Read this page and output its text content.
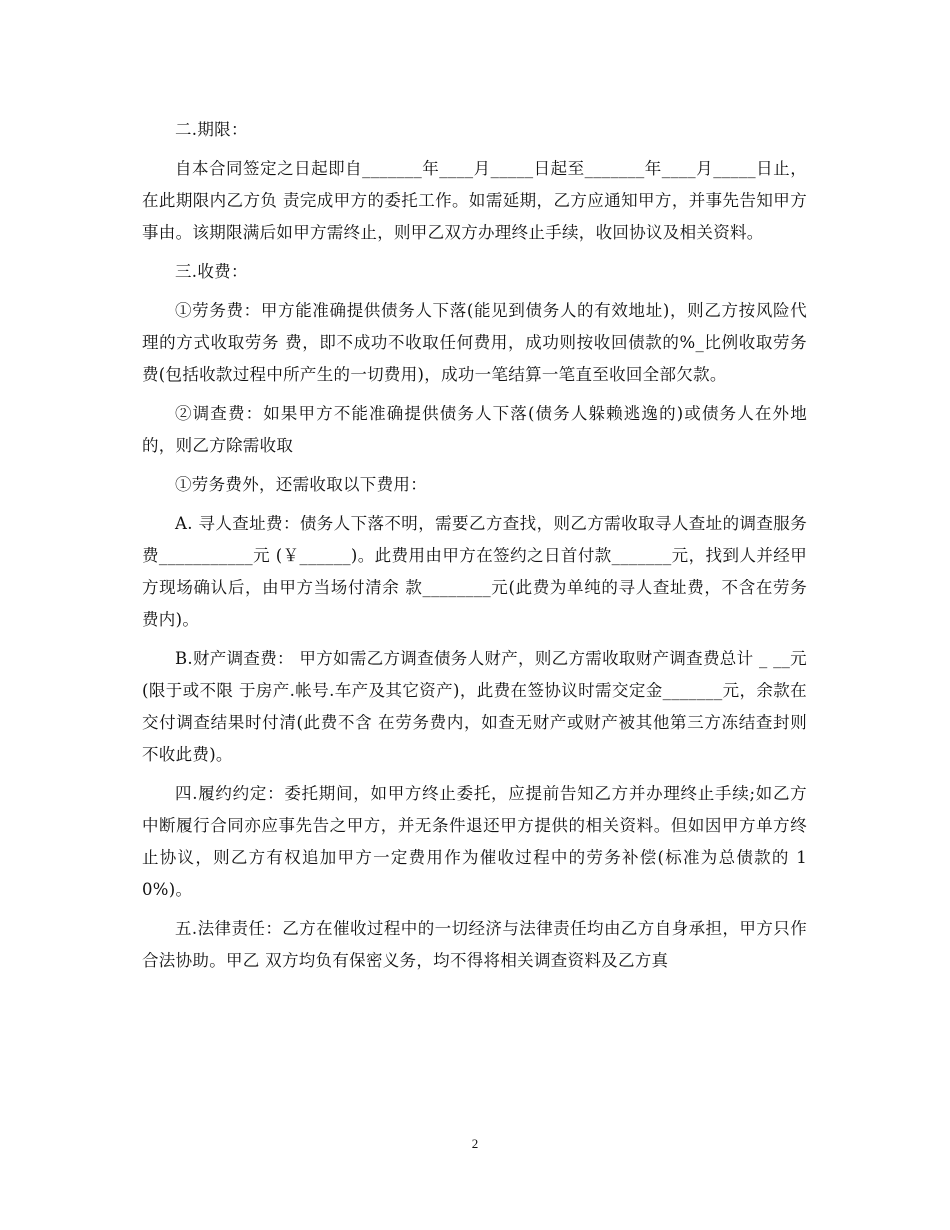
二.期限：

自本合同签定之日起即自_______年____月_____日起至_______年____月_____日止，在此期限内乙方负 责完成甲方的委托工作。如需延期，乙方应通知甲方，并事先告知甲方事由。该期限满后如甲方需终止，则甲乙双方办理终止手续，收回协议及相关资料。

三.收费：

①劳务费：甲方能准确提供债务人下落(能见到债务人的有效地址)，则乙方按风险代理的方式收取劳务 费，即不成功不收取任何费用，成功则按收回债款的%_比例收取劳务费(包括收款过程中所产生的一切费用)，成功一笔结算一笔直至收回全部欠款。

②调查费：如果甲方不能准确提供债务人下落(债务人躲赖逃逸的)或债务人在外地的，则乙方除需收取

①劳务费外，还需收取以下费用：

A. 寻人查址费：债务人下落不明，需要乙方查找，则乙方需收取寻人查址的调查服务费___________元 (￥______)。此费用由甲方在签约之日首付款_______元，找到人并经甲方现场确认后，由甲方当场付清余 款________元(此费为单纯的寻人查址费，不含在劳务费内)。

B.财产调查费： 甲方如需乙方调查债务人财产，则乙方需收取财产调查费总计 _ __元(限于或不限 于房产.帐号.车产及其它资产)，此费在签协议时需交定金_______元，余款在交付调查结果时付清(此费不含 在劳务费内，如查无财产或财产被其他第三方冻结查封则不收此费)。

四.履约约定：委托期间，如甲方终止委托，应提前告知乙方并办理终止手续;如乙方中断履行合同亦应事先告之甲方，并无条件退还甲方提供的相关资料。但如因甲方单方终止协议，则乙方有权追加甲方一定费用作为催收过程中的劳务补偿(标准为总债款的 10%)。

五.法律责任：乙方在催收过程中的一切经济与法律责任均由乙方自身承担，甲方只作合法协助。甲乙 双方均负有保密义务，均不得将相关调查资料及乙方真

2
